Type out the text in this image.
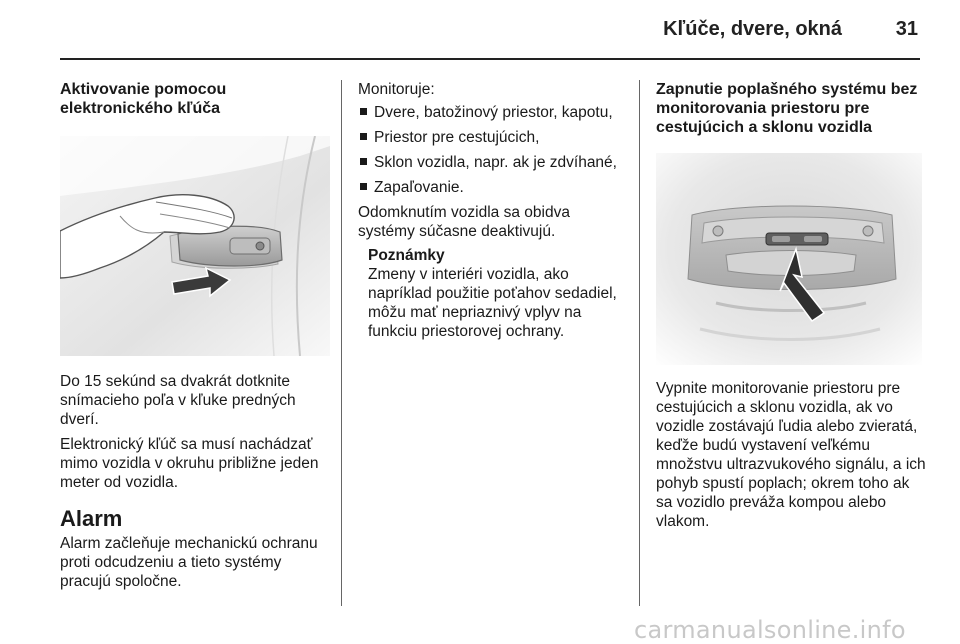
Kľúče, dvere, okná	31
Aktivovanie pomocou elektronického kľúča
Do 15 sekúnd sa dvakrát dotknite snímacieho poľa v kľuke predných dverí.
Elektronický kľúč sa musí nachádzať mimo vozidla v okruhu približne jeden meter od vozidla.
Alarm
Alarm začleňuje mechanickú ochranu proti odcudzeniu a tieto systémy pracujú spoločne.
Monitoruje:
Dvere, batožinový priestor, kapotu,
Priestor pre cestujúcich,
Sklon vozidla, napr. ak je zdvíhané,
Zapaľovanie.
Odomknutím vozidla sa obidva systémy súčasne deaktivujú.
Poznámky
Zmeny v interiéri vozidla, ako napríklad použitie poťahov sedadiel, môžu mať nepriaznivý vplyv na funkciu priestorovej ochrany.
Zapnutie poplašného systému bez monitorovania priestoru pre cestujúcich a sklonu vozidla
Vypnite monitorovanie priestoru pre cestujúcich a sklonu vozidla, ak vo vozidle zostávajú ľudia alebo zvieratá, keďže budú vystavení veľkému množstvu ultrazvukového signálu, a ich pohyb spustí poplach; okrem toho ak sa vozidlo preváža kompou alebo vlakom.
carmanualsonline.info
